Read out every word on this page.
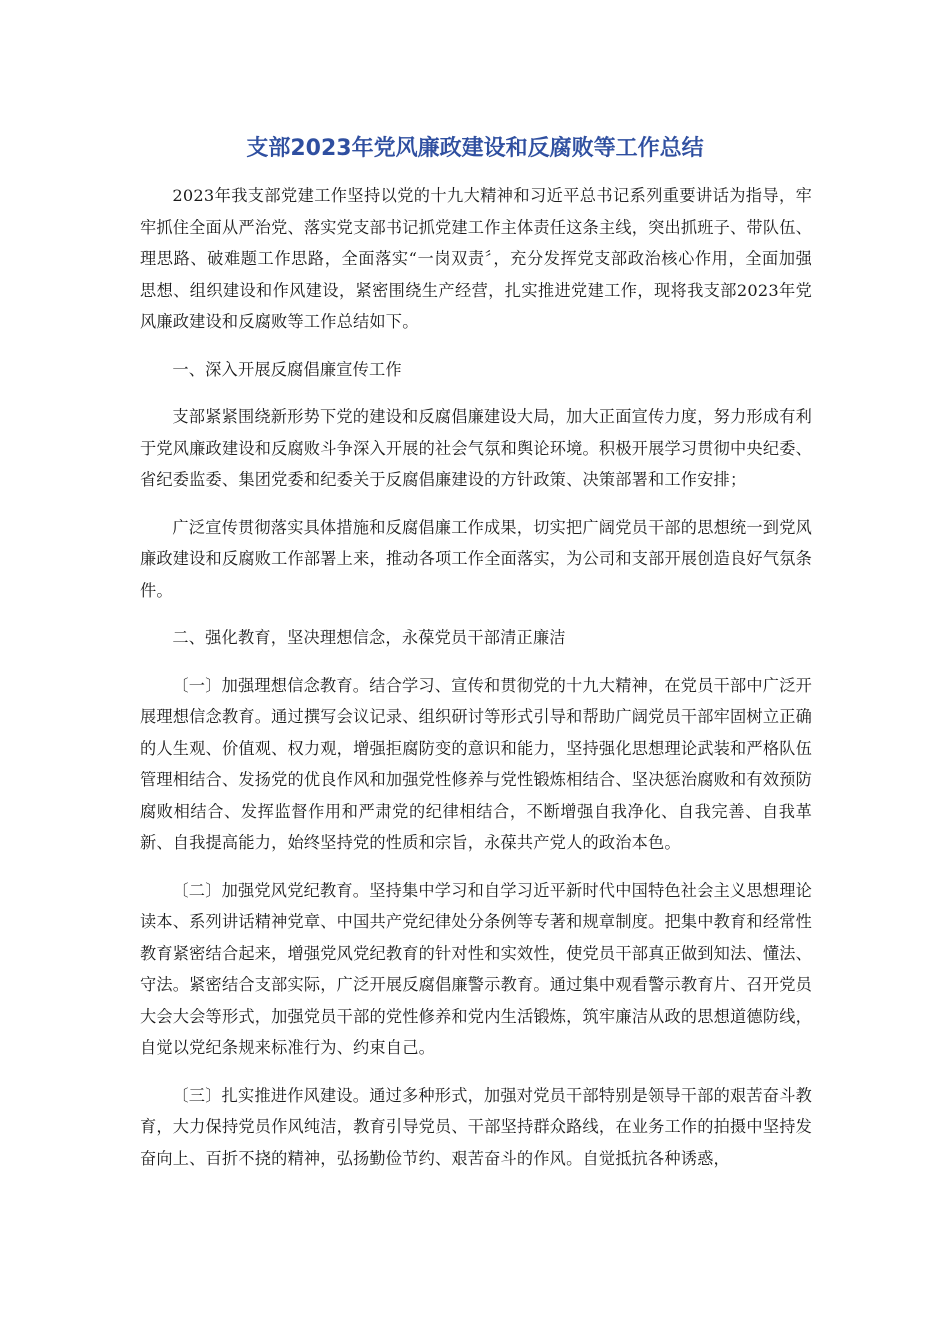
支部2023年党风廉政建设和反腐败等工作总结

2023年我支部党建工作坚持以党的十九大精神和习近平总书记系列重要讲话为指导，牢牢抓住全面从严治党、落实党支部书记抓党建工作主体责任这条主线，突出抓班子、带队伍、理思路、破难题工作思路，全面落实“一岗双责〞，充分发挥党支部政治核心作用，全面加强思想、组织建设和作风建设，紧密围绕生产经营，扎实推进党建工作，现将我支部2023年党风廉政建设和反腐败等工作总结如下。

一、深入开展反腐倡廉宣传工作

支部紧紧围绕新形势下党的建设和反腐倡廉建设大局，加大正面宣传力度，努力形成有利于党风廉政建设和反腐败斗争深入开展的社会气氛和舆论环境。积极开展学习贯彻中央纪委、省纪委监委、集团党委和纪委关于反腐倡廉建设的方针政策、决策部署和工作安排；

广泛宣传贯彻落实具体措施和反腐倡廉工作成果，切实把广阔党员干部的思想统一到党风廉政建设和反腐败工作部署上来，推动各项工作全面落实，为公司和支部开展创造良好气氛条件。

二、强化教育，坚决理想信念，永葆党员干部清正廉洁

〔一〕加强理想信念教育。结合学习、宣传和贯彻党的十九大精神，在党员干部中广泛开展理想信念教育。通过撰写会议记录、组织研讨等形式引导和帮助广阔党员干部牢固树立正确的人生观、价值观、权力观，增强拒腐防变的意识和能力，坚持强化思想理论武装和严格队伍管理相结合、发扬党的优良作风和加强党性修养与党性锻炼相结合、坚决惩治腐败和有效预防腐败相结合、发挥监督作用和严肃党的纪律相结合，不断增强自我净化、自我完善、自我革新、自我提高能力，始终坚持党的性质和宗旨，永葆共产党人的政治本色。

〔二〕加强党风党纪教育。坚持集中学习和自学习近平新时代中国特色社会主义思想理论读本、系列讲话精神党章、中国共产党纪律处分条例等专著和规章制度。把集中教育和经常性教育紧密结合起来，增强党风党纪教育的针对性和实效性，使党员干部真正做到知法、懂法、守法。紧密结合支部实际，广泛开展反腐倡廉警示教育。通过集中观看警示教育片、召开党员大会大会等形式，加强党员干部的党性修养和党内生活锻炼，筑牢廉洁从政的思想道德防线，自觉以党纪条规来标准行为、约束自己。

〔三〕扎实推进作风建设。通过多种形式，加强对党员干部特别是领导干部的艰苦奋斗教育，大力保持党员作风纯洁，教育引导党员、干部坚持群众路线，在业务工作的拍摄中坚持发奋向上、百折不挠的精神，弘扬勤俭节约、艰苦奋斗的作风。自觉抵抗各种诱惑，
